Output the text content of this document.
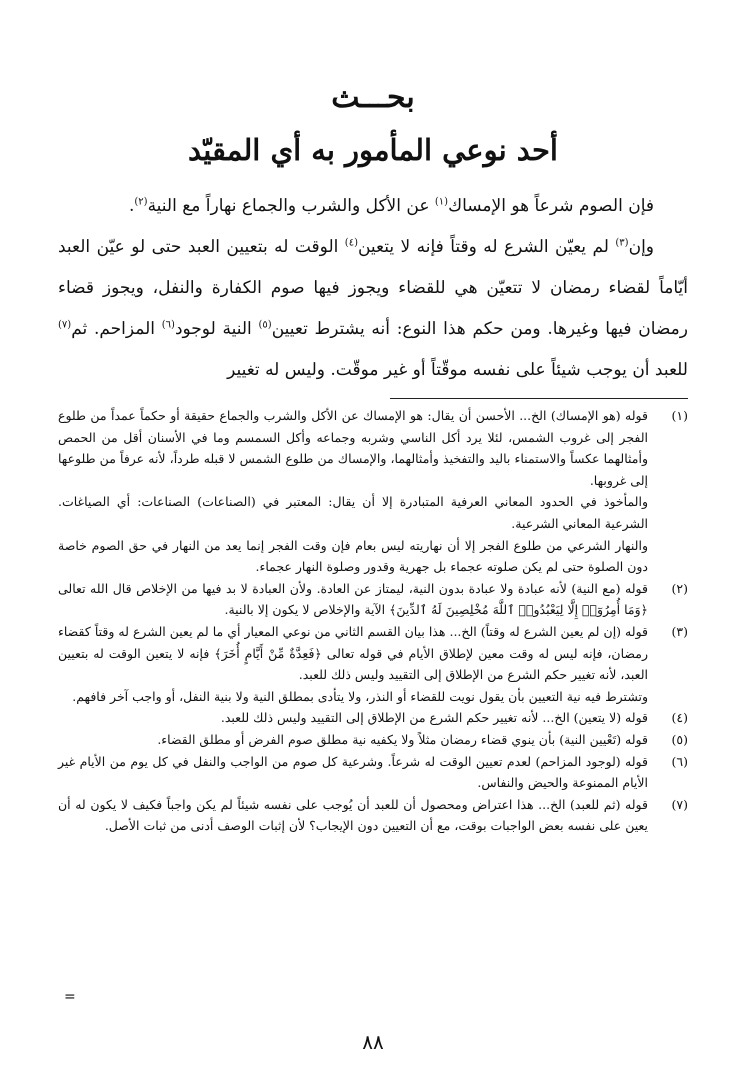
بحـــث
أحد نوعي المأمور به أي المقيّد

فإن الصوم شرعاً هو الإمساك$^{(١)}$ عن الأكل والشرب والجماع نهاراً مع النية$^{(٢)}$.

وإن$^{(٣)}$ لم يعيّن الشرع له وقتاً فإنه لا يتعين$^{(٤)}$ الوقت له بتعيين العبد حتى لو عيّن العبد أيّاماً لقضاء رمضان لا تتعيّن هي للقضاء ويجوز فيها صوم الكفارة والنفل، ويجوز قضاء رمضان فيها وغيرها. ومن حكم هذا النوع: أنه يشترط تعيين$^{(٥)}$ النية لوجود$^{(٦)}$ المزاحم. ثم$^{(٧)}$ للعبد أن يوجب شيئاً على نفسه موقّتاً أو غير موقّت. وليس له تغيير

(١)
قوله (هو الإمساك) الخ... الأحسن أن يقال: هو الإمساك عن الأكل والشرب والجماع حقيقة أو حكماً عمداً من طلوع الفجر إلى غروب الشمس، لئلا يرد أكل الناسي وشربه وجماعه وأكل السمسم وما في الأسنان أقل من الحمص وأمثالهما عكساً والاستمناء باليد والتفخيذ وأمثالهما، والإمساك من طلوع الشمس لا قبله طرداً، لأنه عرفاً من طلوعها إلى غروبها.
والمأخوذ في الحدود المعاني العرفية المتبادرة إلا أن يقال: المعتبر في (الصناعات) الصناعات: أي الصياغات. الشرعية المعاني الشرعية.
والنهار الشرعي من طلوع الفجر إلا أن نهاريته ليس بعام فإن وقت الفجر إنما يعد من النهار في حق الصوم خاصة دون الصلوة حتى لم يكن صلوته عجماء بل جهرية وقدور وصلوة النهار عجماء.
(٢)
قوله (مع النية) لأنه عبادة ولا عبادة بدون النية، ليمتاز عن العادة. ولأن العبادة لا بد فيها من الإخلاص قال الله تعالى ﴿وَمَا أُمِرُوٓا۟ إِلَّا لِيَعْبُدُوا۟ ٱللَّهَ مُخْلِصِينَ لَهُ ٱلدِّينَ﴾ الآية والإخلاص لا يكون إلا بالنية.
(٣)
قوله (إن لم يعين الشرع له وقتاً) الخ... هذا بيان القسم الثاني من نوعي المعيار أي ما لم يعين الشرع له وقتاً كقضاء رمضان، فإنه ليس له وقت معين لإطلاق الأيام في قوله تعالى ﴿فَعِدَّةٌ مِّنْ أَيَّامٍ أُخَرَ﴾ فإنه لا يتعين الوقت له بتعيين العبد، لأنه تغيير حكم الشرع من الإطلاق إلى التقييد وليس ذلك للعبد.
وتشترط فيه نية التعيين بأن يقول نويت للقضاء أو النذر، ولا يتأدى بمطلق النية ولا بنية النفل، أو واجب آخر فافهم.
(٤)
قوله (لا يتعين) الخ... لأنه تغيير حكم الشرع من الإطلاق إلى التقييد وليس ذلك للعبد.
(٥)
قوله (تَعْيين النية) بأن ينوي قضاء رمضان مثلاً ولا يكفيه نية مطلق صوم الفرض أو مطلق القضاء.
(٦)
قوله (لوجود المزاحم) لعدم تعيين الوقت له شرعاً. وشرعية كل صوم من الواجب والنفل في كل يوم من الأيام غير الأيام الممنوعة والحيض والنفاس.
(٧)
قوله (ثم للعبد) الخ... هذا اعتراض ومحصول أن للعبد أن يُوجب على نفسه شيئاً لم يكن واجباً فكيف لا يكون له أن يعين على نفسه بعض الواجبات بوقت، مع أن التعيين دون الإيجاب؟ لأن إثبات الوصف أدنى من ثبات الأصل.
=
٨٨
